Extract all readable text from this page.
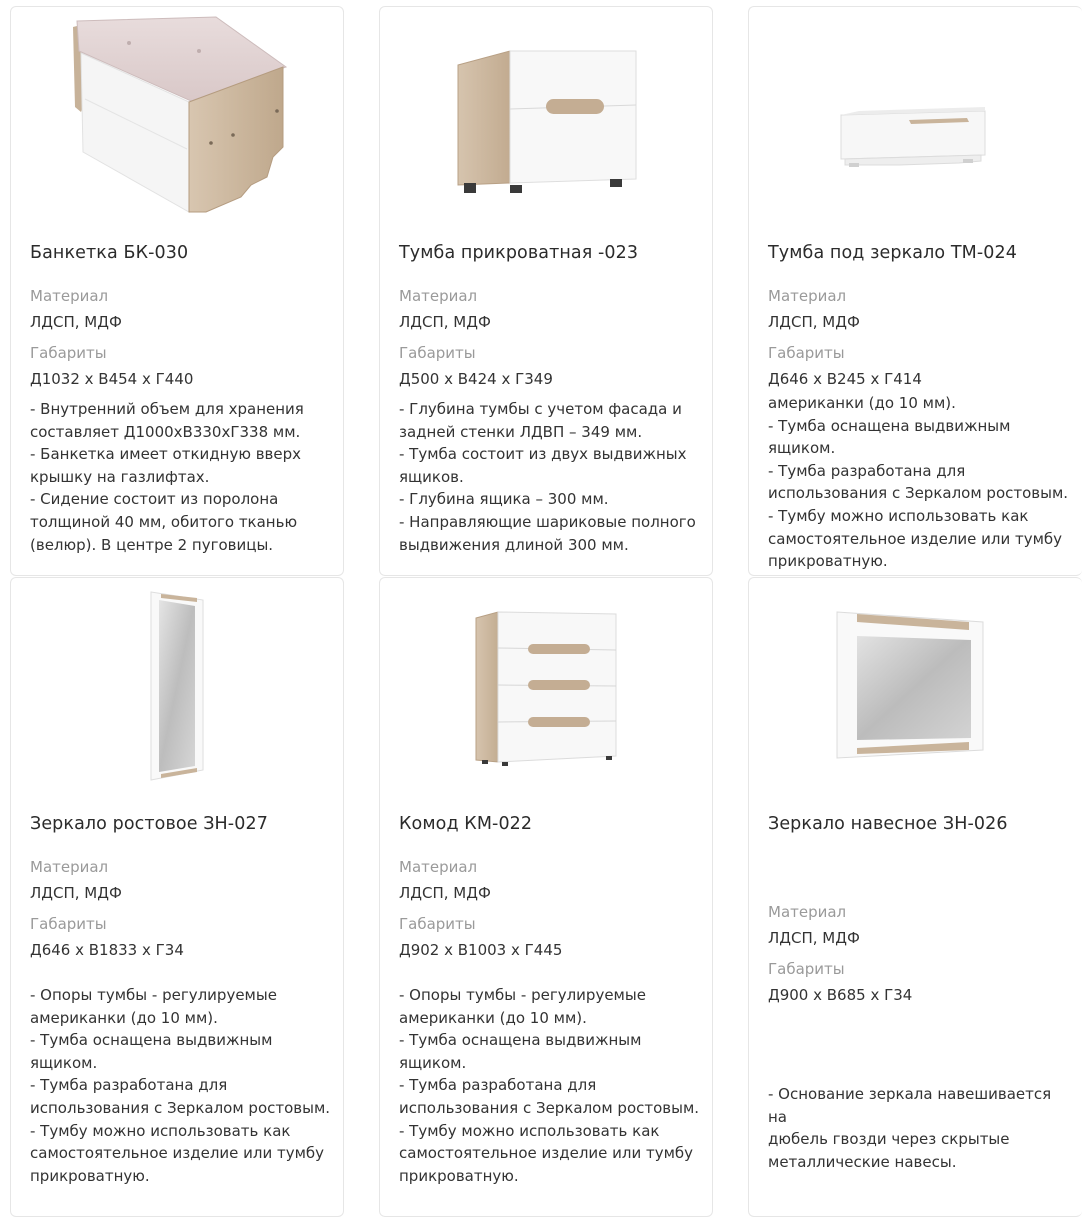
Банкетка БК-030
Материал
ЛДСП, МДФ
Габариты
Д1032 х В454 х Г440
- Внутренний объем для хранения
составляет Д1000хВ330хГ338 мм.
- Банкетка имеет откидную вверх
крышку на газлифтах.
- Сидение состоит из поролона
толщиной 40 мм, обитого тканью
(велюр). В центре 2 пуговицы.
Тумба прикроватная -023
Материал
ЛДСП, МДФ
Габариты
Д500 х В424 х Г349
- Глубина тумбы с учетом фасада и
задней стенки ЛДВП – 349 мм.
- Тумба состоит из двух выдвижных
ящиков.
- Глубина ящика – 300 мм.
- Направляющие шариковые полного
выдвижения длиной 300 мм.
Тумба под зеркало ТМ-024
Материал
ЛДСП, МДФ
Габариты
Д646 х В245 х Г414
американки (до 10 мм).
- Тумба оснащена выдвижным
ящиком.
- Тумба разработана для
использования с Зеркалом ростовым.
- Тумбу можно использовать как
самостоятельное изделие или тумбу
прикроватную.
Зеркало ростовое ЗН-027
Материал
ЛДСП, МДФ
Габариты
Д646 х В1833 х Г34
- Опоры тумбы - регулируемые
американки (до 10 мм).
- Тумба оснащена выдвижным
ящиком.
- Тумба разработана для
использования с Зеркалом ростовым.
- Тумбу можно использовать как
самостоятельное изделие или тумбу
прикроватную.
Комод КМ-022
Материал
ЛДСП, МДФ
Габариты
Д902 х В1003 х Г445
- Опоры тумбы - регулируемые
американки (до 10 мм).
- Тумба оснащена выдвижным
ящиком.
- Тумба разработана для
использования с Зеркалом ростовым.
- Тумбу можно использовать как
самостоятельное изделие или тумбу
прикроватную.
Зеркало навесное ЗН-026
Материал
ЛДСП, МДФ
Габариты
Д900 х В685 х Г34
- Основание зеркала навешивается на
дюбель гвозди через скрытые
металлические навесы.
